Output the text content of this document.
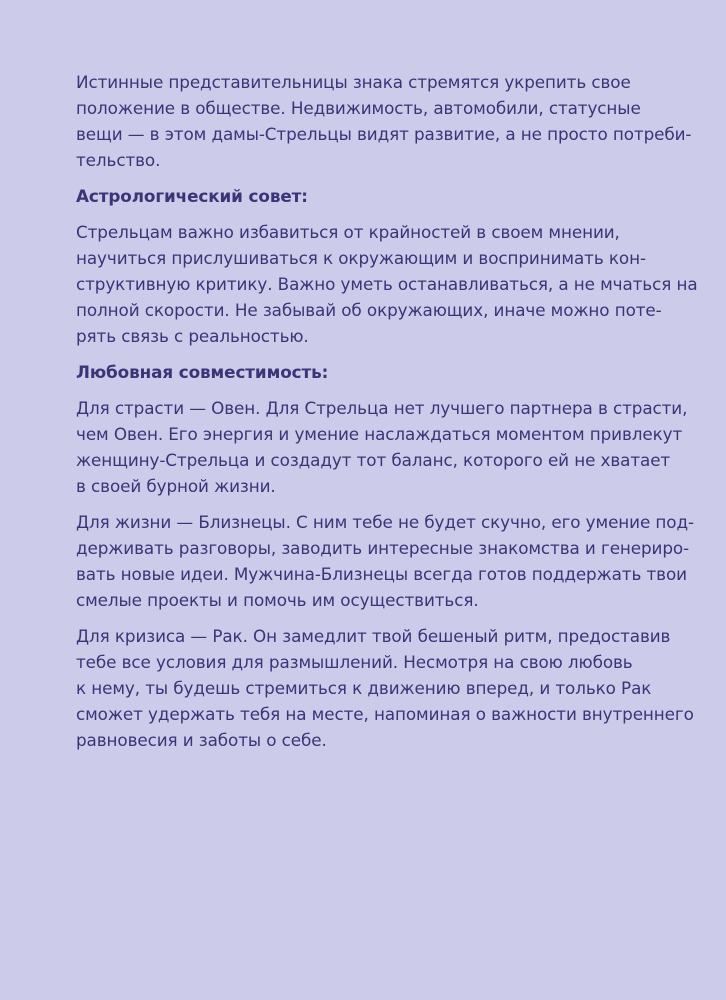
Истинные представительницы знака стремятся укрепить свое
положение в обществе. Недвижимость, автомобили, статусные
вещи — в этом дамы-Стрельцы видят развитие, а не просто потреби-
тельство.

Астрологический совет:

Стрельцам важно избавиться от крайностей в своем мнении,
научиться прислушиваться к окружающим и воспринимать кон-
структивную критику. Важно уметь останавливаться, а не мчаться на
полной скорости. Не забывай об окружающих, иначе можно поте-
рять связь с реальностью.

Любовная совместимость:

Для страсти — Овен. Для Стрельца нет лучшего партнера в страсти,
чем Овен. Его энергия и умение наслаждаться моментом привлекут
женщину-Стрельца и создадут тот баланс, которого ей не хватает
в своей бурной жизни.

Для жизни — Близнецы. С ним тебе не будет скучно, его умение под-
держивать разговоры, заводить интересные знакомства и генериро-
вать новые идеи. Мужчина-Близнецы всегда готов поддержать твои
смелые проекты и помочь им осуществиться.

Для кризиса — Рак. Он замедлит твой бешеный ритм, предоставив
тебе все условия для размышлений. Несмотря на свою любовь
к нему, ты будешь стремиться к движению вперед, и только Рак
сможет удержать тебя на месте, напоминая о важности внутреннего
равновесия и заботы о себе.
